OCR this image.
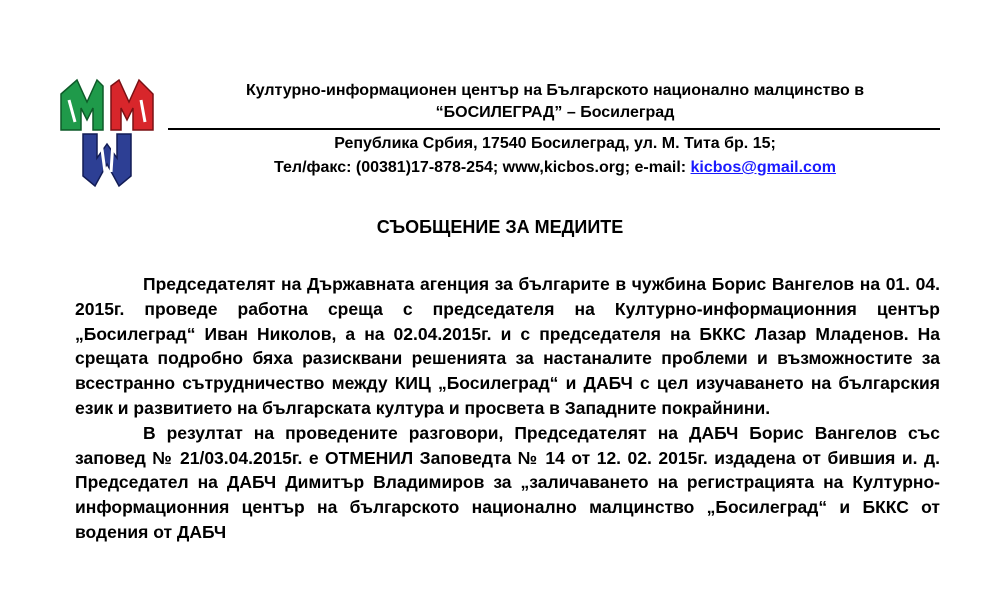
Културно-информационен център на Българското национално малцинство в
“БОСИЛЕГРАД” – Босилеград
Република Србия, 17540 Босилеград, ул. М. Тита бр. 15;
Тел/факс: (00381)17-878-254; www,kicbos.org; e-mail: kicbos@gmail.com
СЪОБЩЕНИЕ ЗА МЕДИИТЕ

Председателят на Държавната агенция за българите в чужбина Борис Вангелов на 01. 04. 2015г. проведе работна среща с председателя на Културно-информационния център „Босилеград“ Иван Николов, а на 02.04.2015г. и с председателя на БККС Лазар Младенов. На срещата подробно бяха разисквани решенията за настаналите проблеми и възможностите за всестранно сътрудничество между КИЦ „Босилеград“ и ДАБЧ с цел изучаването на българския език и развитието на българската култура и просвета в Западните покрайнини.

В резултат на проведените разговори, Председателят на ДАБЧ Борис Вангелов със заповед № 21/03.04.2015г. е ОТМЕНИЛ Заповедта № 14 от 12. 02. 2015г. издадена от бившия и. д. Председател на ДАБЧ Димитър Владимиров за „заличаването на регистрацията на Културно-информационния център на българското национално малцинство „Босилеград“ и БККС от водения от ДАБЧ
